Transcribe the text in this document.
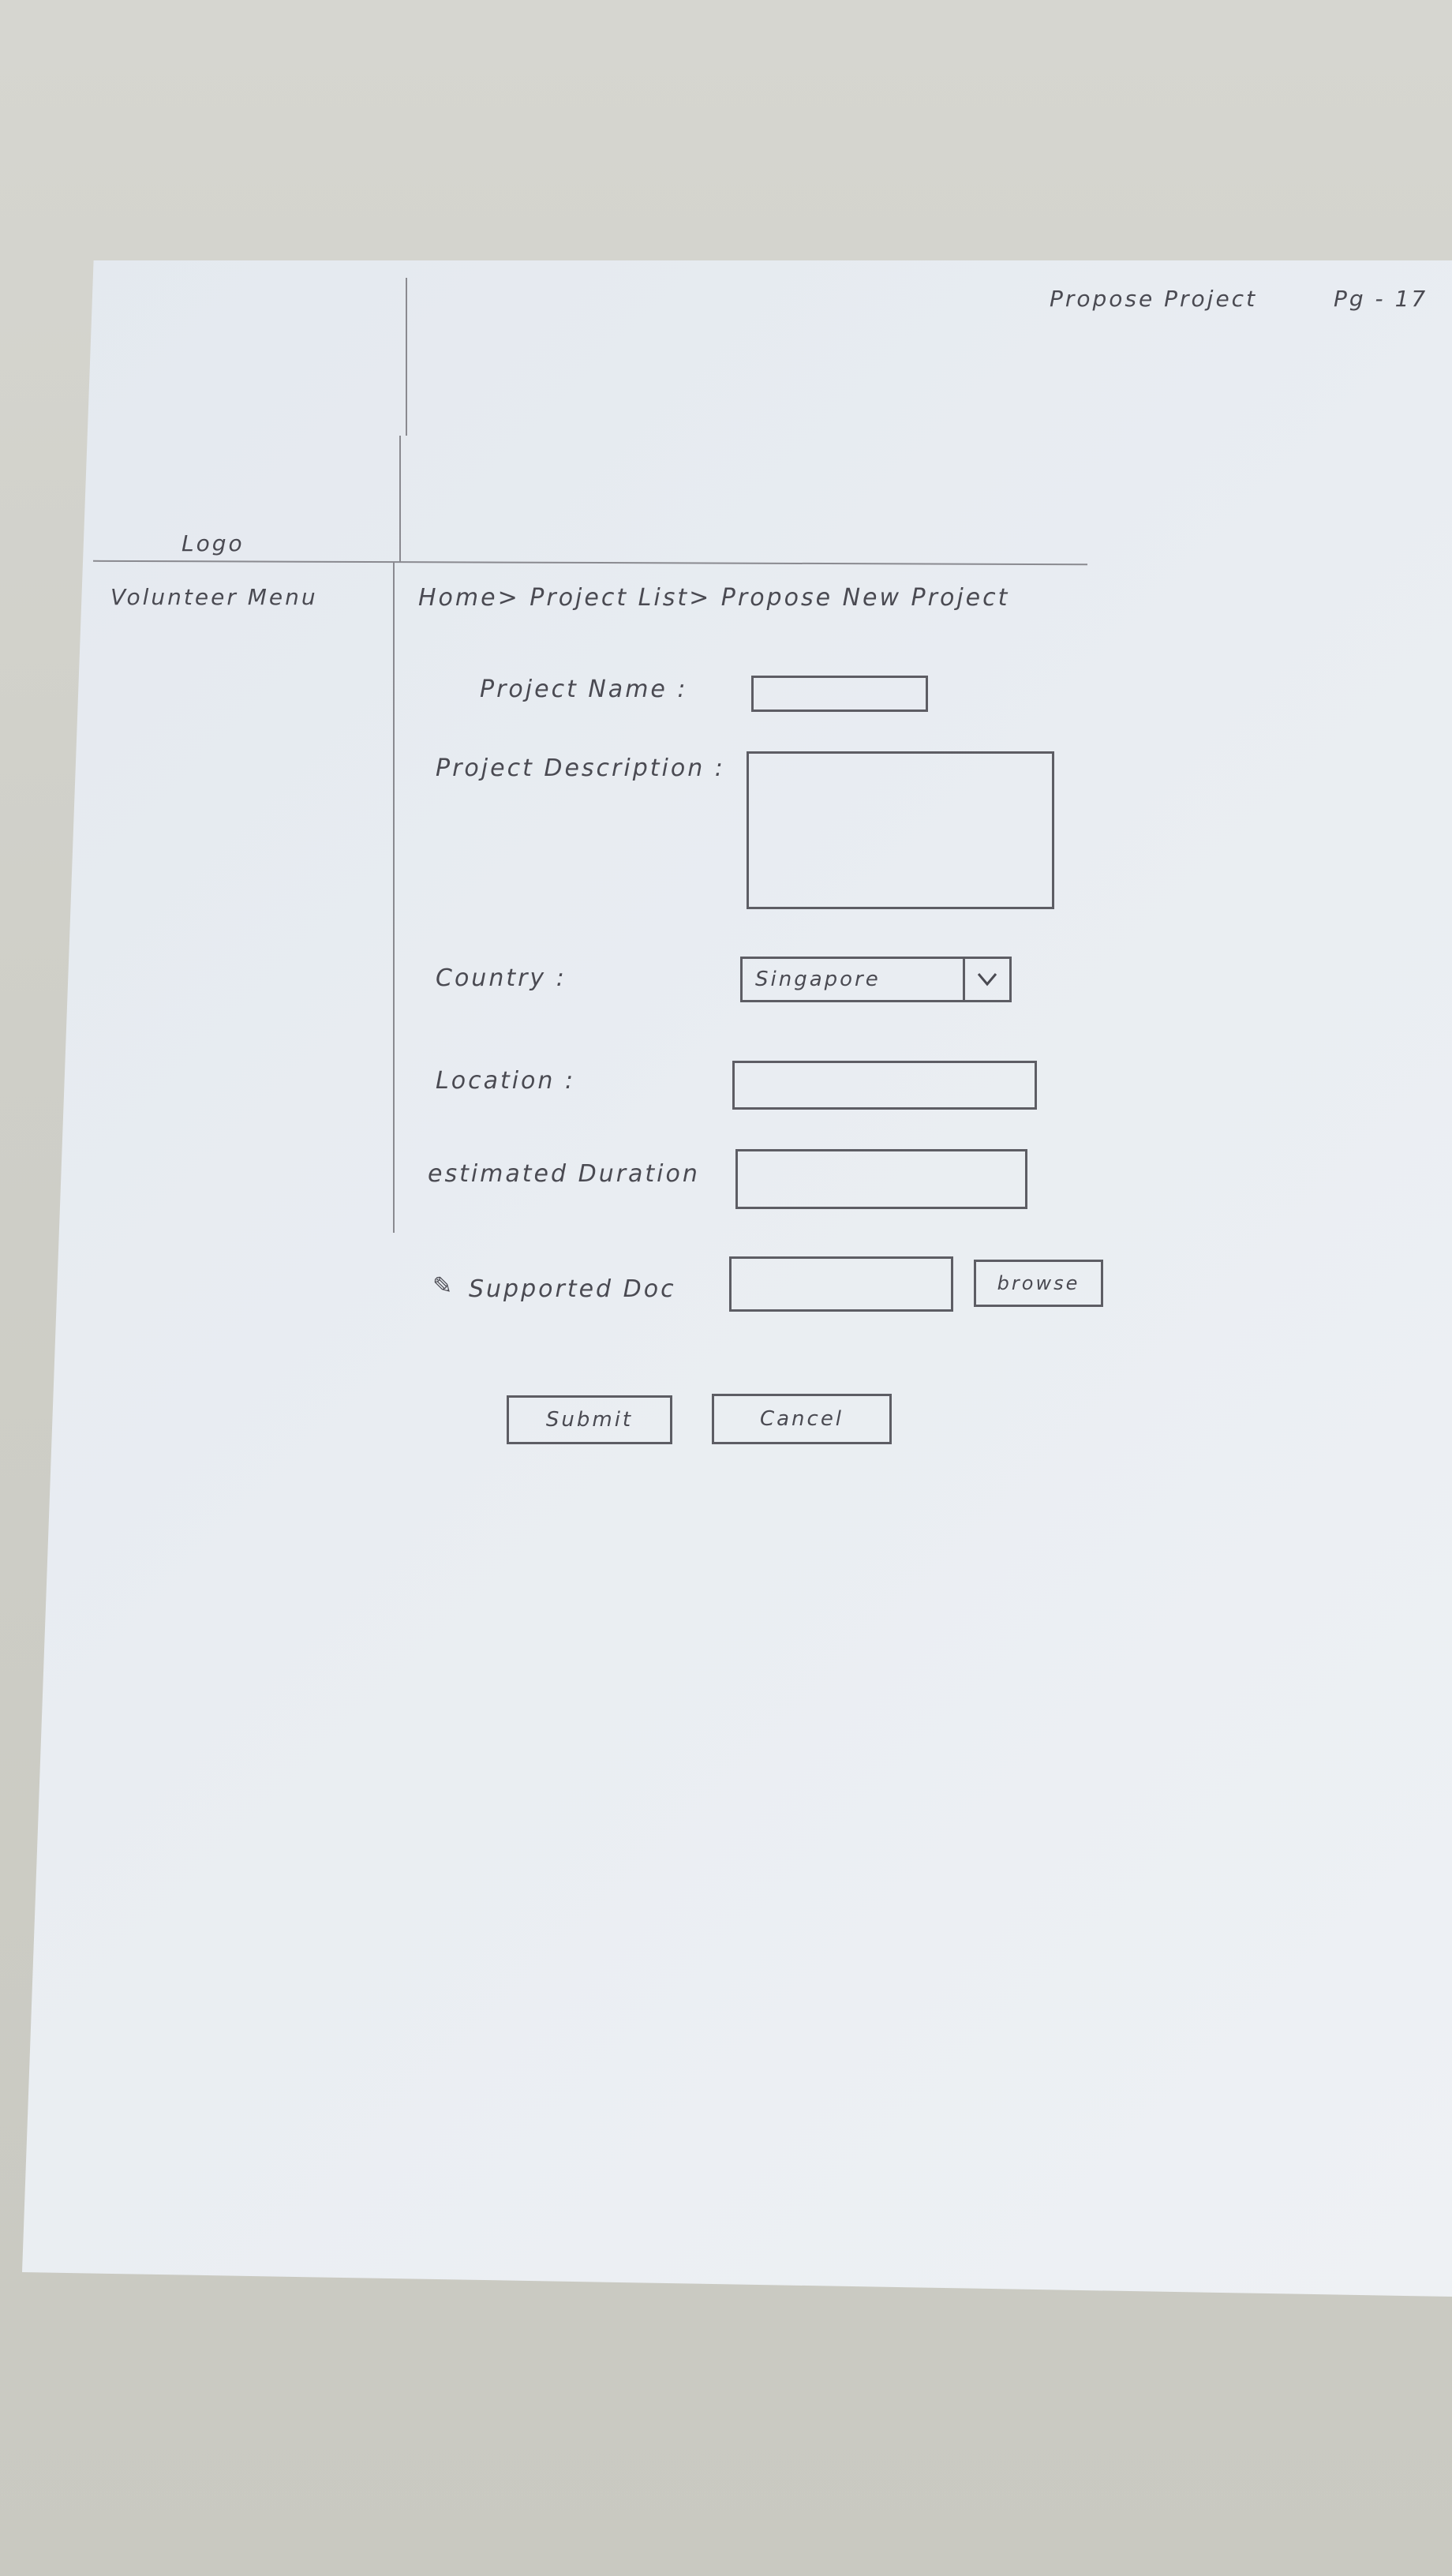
Propose Project	Pg - 17
Logo
Volunteer Menu	Home> Project List> Propose New Project
Project Name :
Project Description :
Country :	Singapore
Location :
estimated Duration
✎ Supported Doc	browse
Submit	Cancel
